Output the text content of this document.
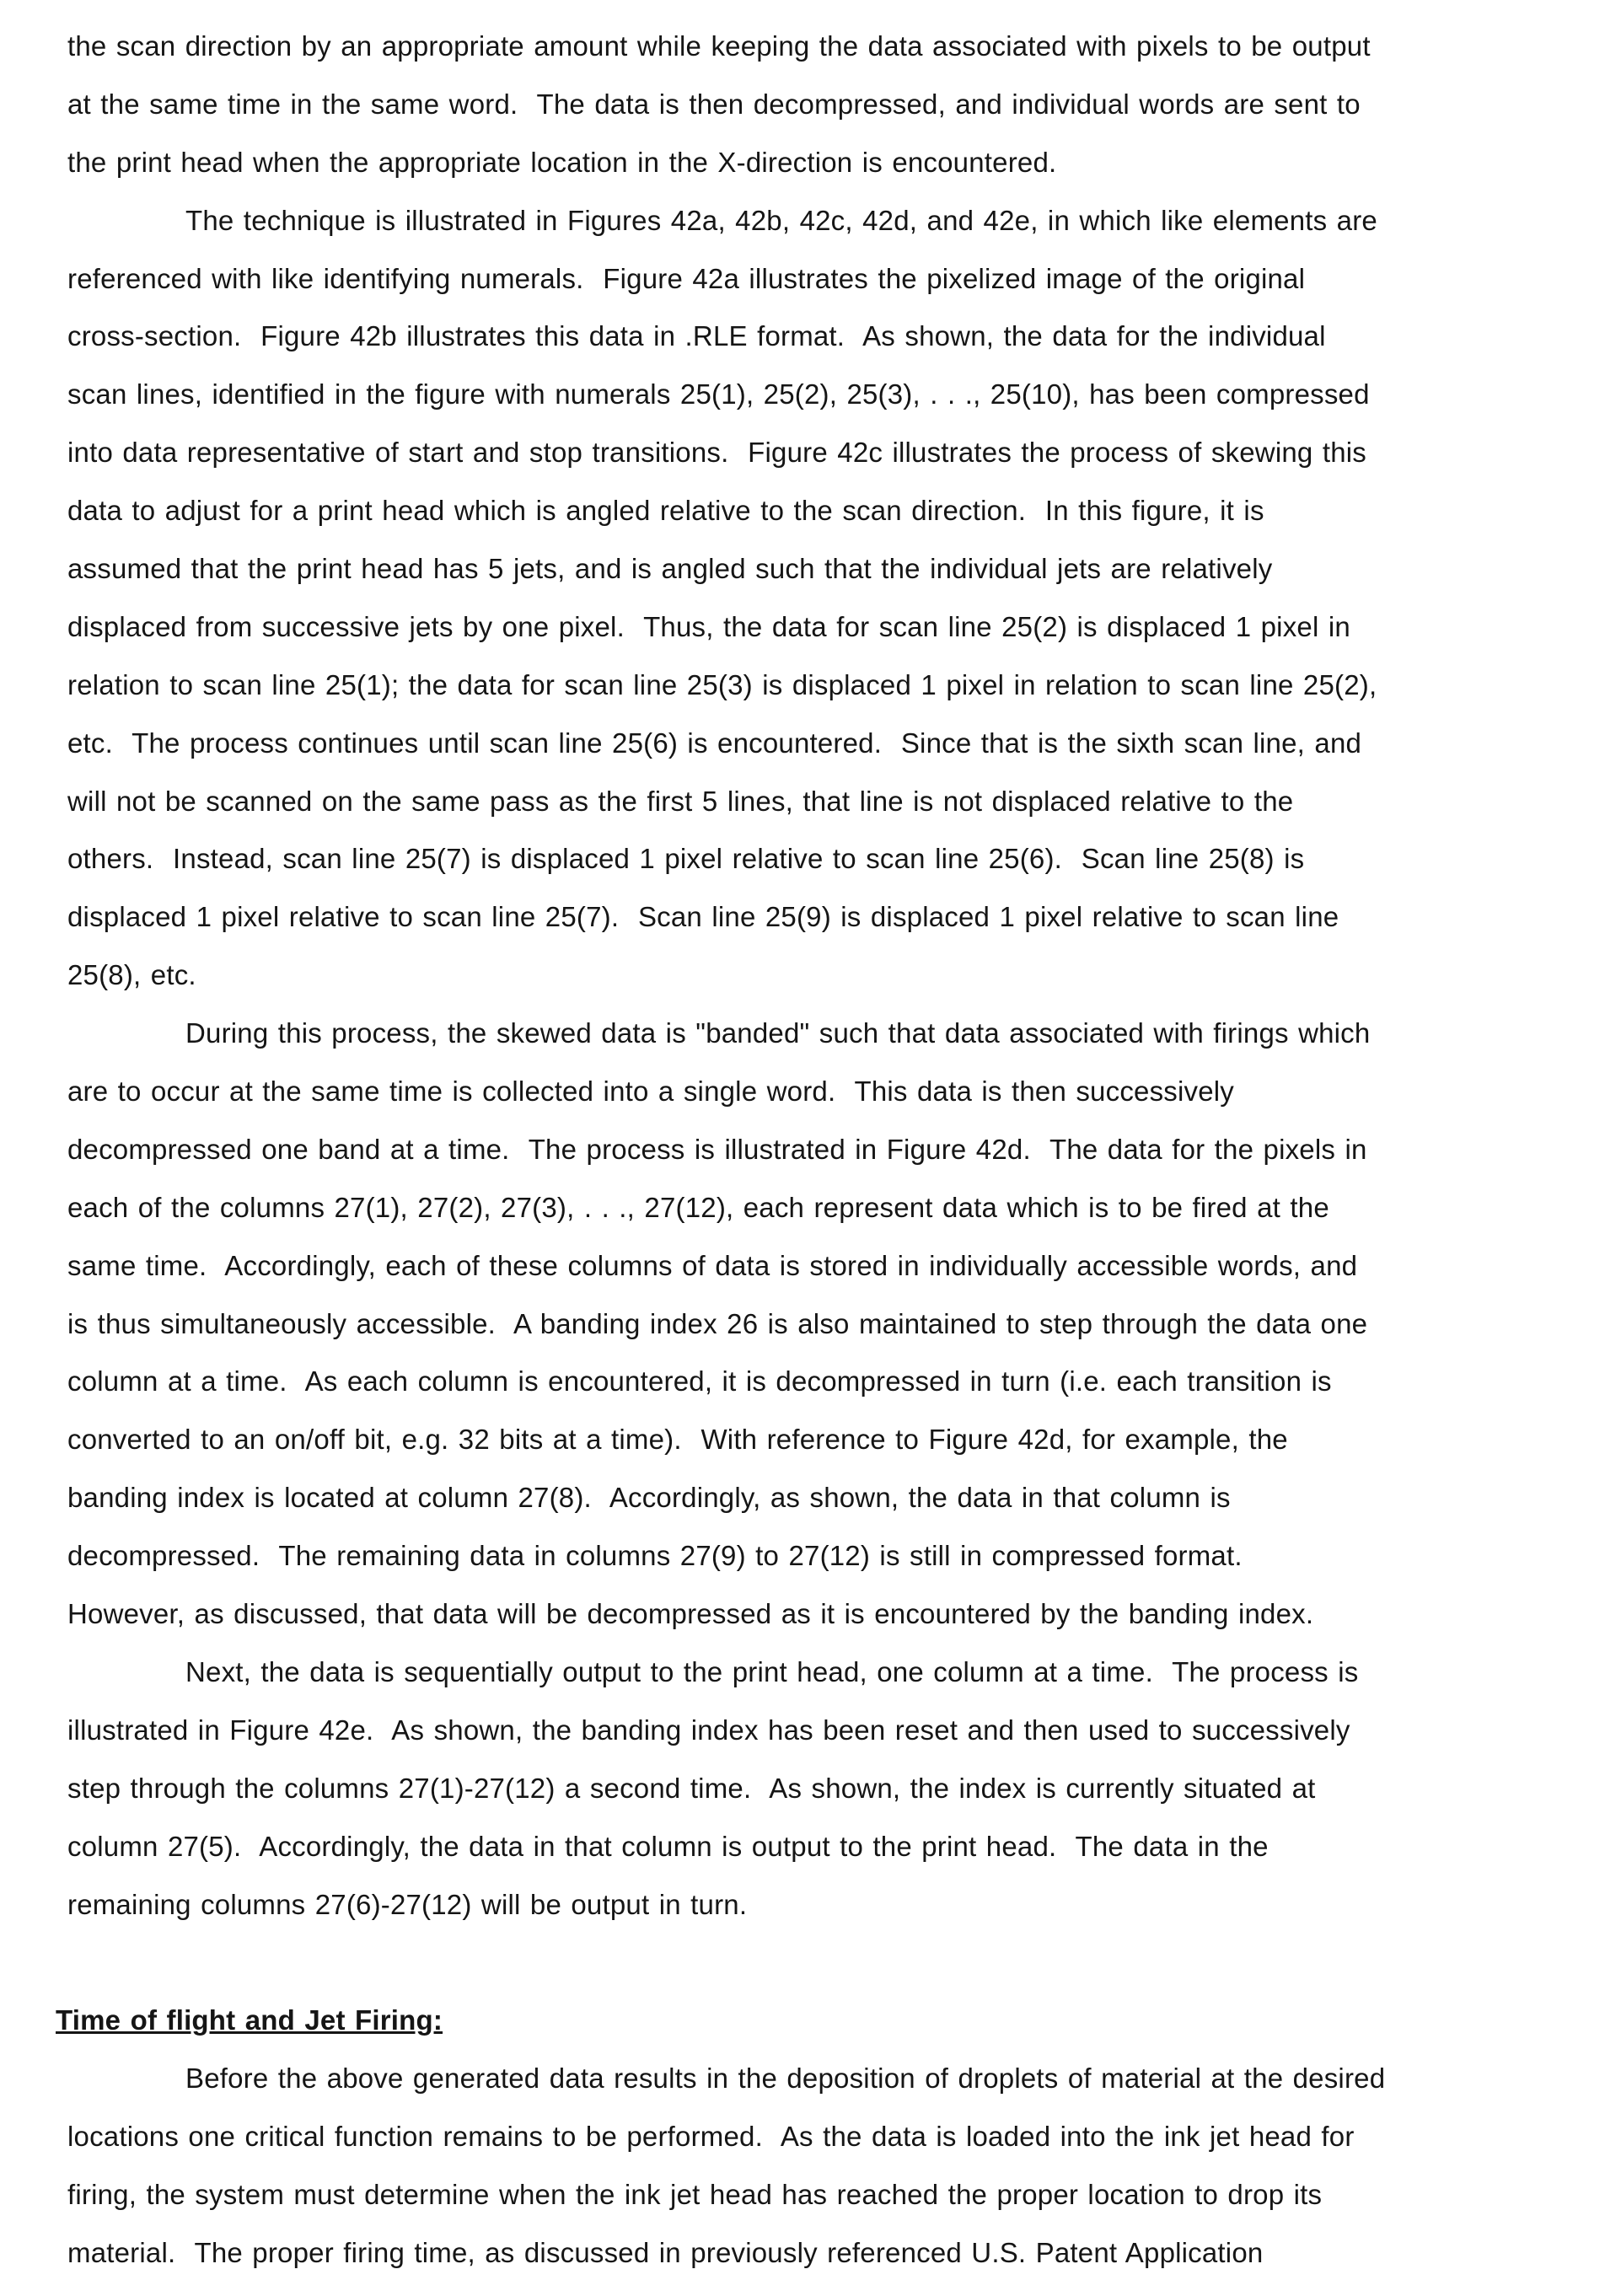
the scan direction by an appropriate amount while keeping the data associated with pixels to be output
at the same time in the same word.  The data is then decompressed, and individual words are sent to
the print head when the appropriate location in the X-direction is encountered.
The technique is illustrated in Figures 42a, 42b, 42c, 42d, and 42e, in which like elements are
referenced with like identifying numerals.  Figure 42a illustrates the pixelized image of the original
cross-section.  Figure 42b illustrates this data in .RLE format.  As shown, the data for the individual
scan lines, identified in the figure with numerals 25(1), 25(2), 25(3), . . ., 25(10), has been compressed
into data representative of start and stop transitions.  Figure 42c illustrates the process of skewing this
data to adjust for a print head which is angled relative to the scan direction.  In this figure, it is
assumed that the print head has 5 jets, and is angled such that the individual jets are relatively
displaced from successive jets by one pixel.  Thus, the data for scan line 25(2) is displaced 1 pixel in
relation to scan line 25(1); the data for scan line 25(3) is displaced 1 pixel in relation to scan line 25(2),
etc.  The process continues until scan line 25(6) is encountered.  Since that is the sixth scan line, and
will not be scanned on the same pass as the first 5 lines, that line is not displaced relative to the
others.  Instead, scan line 25(7) is displaced 1 pixel relative to scan line 25(6).  Scan line 25(8) is
displaced 1 pixel relative to scan line 25(7).  Scan line 25(9) is displaced 1 pixel relative to scan line
25(8), etc.
During this process, the skewed data is "banded" such that data associated with firings which
are to occur at the same time is collected into a single word.  This data is then successively
decompressed one band at a time.  The process is illustrated in Figure 42d.  The data for the pixels in
each of the columns 27(1), 27(2), 27(3), . . ., 27(12), each represent data which is to be fired at the
same time.  Accordingly, each of these columns of data is stored in individually accessible words, and
is thus simultaneously accessible.  A banding index 26 is also maintained to step through the data one
column at a time.  As each column is encountered, it is decompressed in turn (i.e. each transition is
converted to an on/off bit, e.g. 32 bits at a time).  With reference to Figure 42d, for example, the
banding index is located at column 27(8).  Accordingly, as shown, the data in that column is
decompressed.  The remaining data in columns 27(9) to 27(12) is still in compressed format.
However, as discussed, that data will be decompressed as it is encountered by the banding index.
Next, the data is sequentially output to the print head, one column at a time.  The process is
illustrated in Figure 42e.  As shown, the banding index has been reset and then used to successively
step through the columns 27(1)-27(12) a second time.  As shown, the index is currently situated at
column 27(5).  Accordingly, the data in that column is output to the print head.  The data in the
remaining columns 27(6)-27(12) will be output in turn.
Time of flight and Jet Firing:
Before the above generated data results in the deposition of droplets of material at the desired
locations one critical function remains to be performed.  As the data is loaded into the ink jet head for
firing, the system must determine when the ink jet head has reached the proper location to drop its
material.  The proper firing time, as discussed in previously referenced U.S. Patent Application
